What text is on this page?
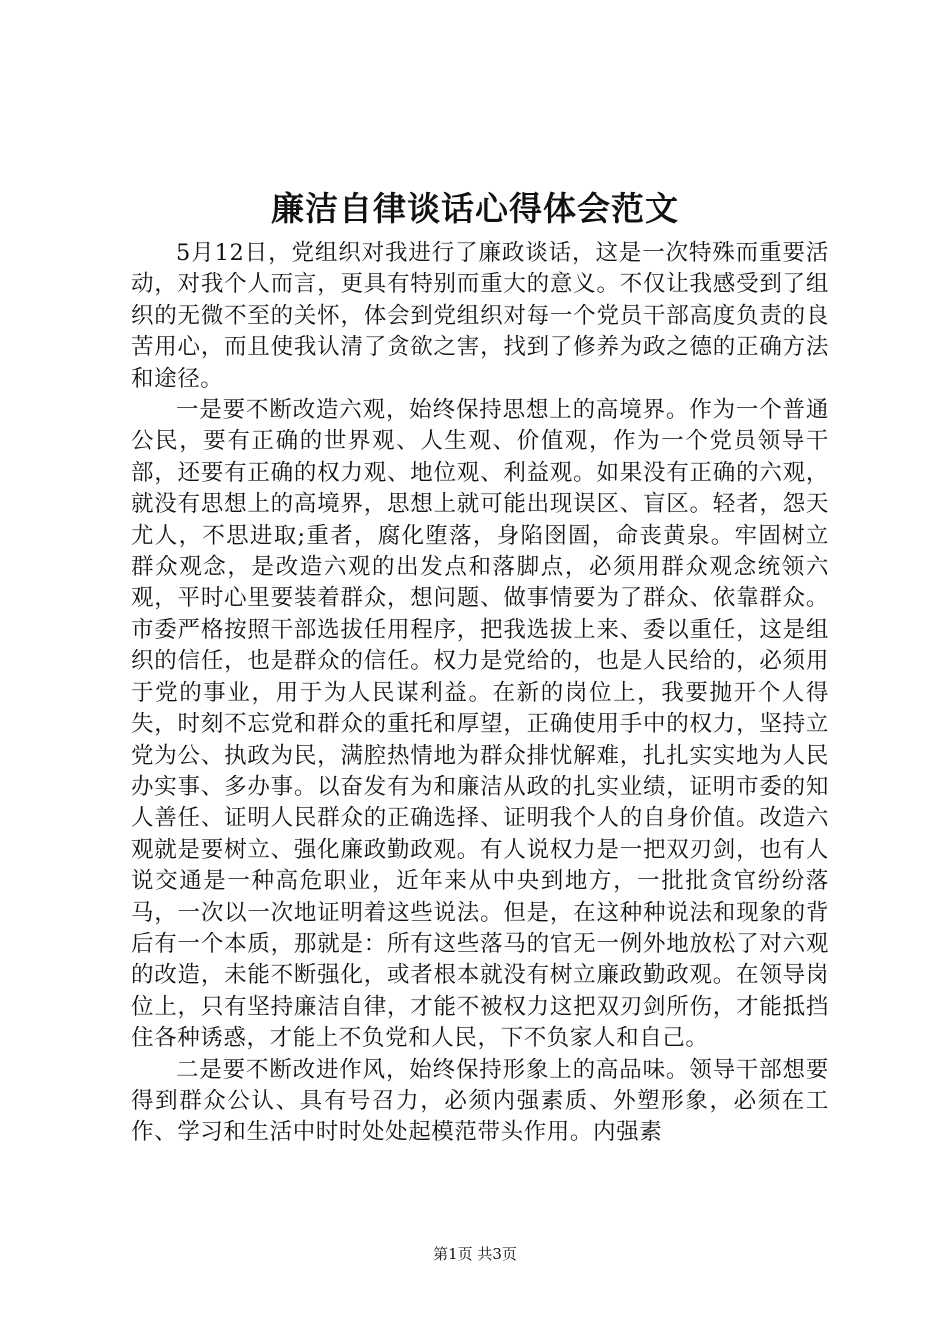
廉洁自律谈话心得体会范文

5月12日，党组织对我进行了廉政谈话，这是一次特殊而重要活动，对我个人而言，更具有特别而重大的意义。不仅让我感受到了组织的无微不至的关怀，体会到党组织对每一个党员干部高度负责的良苦用心，而且使我认清了贪欲之害，找到了修养为政之德的正确方法和途径。

一是要不断改造六观，始终保持思想上的高境界。作为一个普通公民，要有正确的世界观、人生观、价值观，作为一个党员领导干部，还要有正确的权力观、地位观、利益观。如果没有正确的六观，就没有思想上的高境界，思想上就可能出现误区、盲区。轻者，怨天尤人，不思进取;重者，腐化堕落，身陷囹圄，命丧黄泉。牢固树立群众观念，是改造六观的出发点和落脚点，必须用群众观念统领六观，平时心里要装着群众，想问题、做事情要为了群众、依靠群众。市委严格按照干部选拔任用程序，把我选拔上来、委以重任，这是组织的信任，也是群众的信任。权力是党给的，也是人民给的，必须用于党的事业，用于为人民谋利益。在新的岗位上，我要抛开个人得失，时刻不忘党和群众的重托和厚望，正确使用手中的权力，坚持立党为公、执政为民，满腔热情地为群众排忧解难，扎扎实实地为人民办实事、多办事。以奋发有为和廉洁从政的扎实业绩，证明市委的知人善任、证明人民群众的正确选择、证明我个人的自身价值。改造六观就是要树立、强化廉政勤政观。有人说权力是一把双刃剑，也有人说交通是一种高危职业，近年来从中央到地方，一批批贪官纷纷落马，一次以一次地证明着这些说法。但是，在这种种说法和现象的背后有一个本质，那就是：所有这些落马的官无一例外地放松了对六观的改造，未能不断强化，或者根本就没有树立廉政勤政观。在领导岗位上，只有坚持廉洁自律，才能不被权力这把双刃剑所伤，才能抵挡住各种诱惑，才能上不负党和人民，下不负家人和自己。

二是要不断改进作风，始终保持形象上的高品味。领导干部想要得到群众公认、具有号召力，必须内强素质、外塑形象，必须在工作、学习和生活中时时处处起模范带头作用。内强素

第1页 共3页
